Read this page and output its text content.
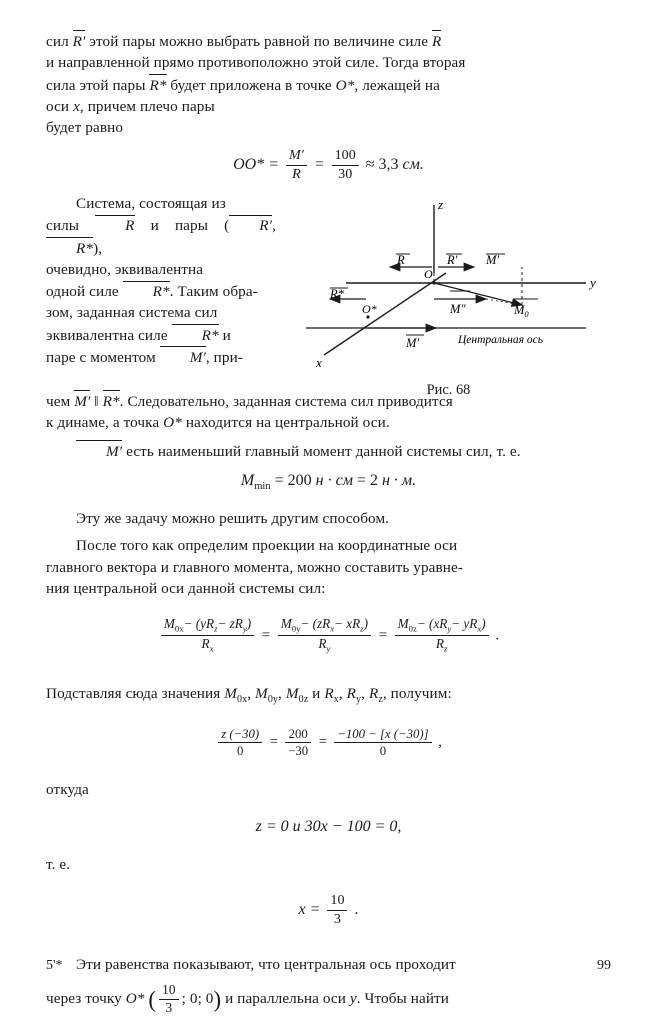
сил R′ этой пары можно выбрать равной по величине силе R
и направленной прямо противоположно этой силе. Тогда вторая
сила этой пары R* будет приложена в точке O*, лежащей на
оси x, причем плечо пары
будет равно

$OO* = \frac{M'}{R} = \frac{100}{30} \approx 3,3$ см.
z
y
x
Центральная ось
O
O*
R	R′ M′
$M_0$
M″
R*
M′
Рис. 68

Система, состоящая из
силы	R и пары ( R′, R*),
очевидно, эквивалентна
одной силе R*. Таким обра-
зом, заданная система сил
эквивалентна силе R* и
паре с моментом M′, при-

чем M′ ‖ R*. Следовательно, заданная система сил приводится
к динаме, а точка O* находится на центральной оси.

M′ есть наименьший главный момент данной системы сил, т. е.

$M_{min} = 200$ н · см = 2 н · м.

Эту же задачу можно решить другим способом.

После того как определим проекции на координатные оси
главного вектора и главного момента, можно составить уравне-
ния центральной оси данной системы сил:

$\frac{M_{0x}- (yR_z- zR_y)}{R_x} = \frac{M_{0y}- (zR_x- xR_z)}{R_y} = \frac{M_{0z}- (xR_y- yR_x)}{R_z}$ .

Подставляя сюда значения $M_{0x}$, $M_{0y}$, $M_{0z}$ и $R_x$, $R_y$, $R_z$, получим:

$\frac{z (-30)}{0} = \frac{200}{-30} = \frac{-100 - [x (-30)]}{0}$ ,

откуда

z = 0 и 30x − 100 = 0,

т. е.

$x = \frac{10}{3}$ .

Эти равенства показывают, что центральная ось проходит

через точку O* ( $\frac{10}{3}$ ; 0; 0) и параллельна оси y. Чтобы найти

5'*	99
